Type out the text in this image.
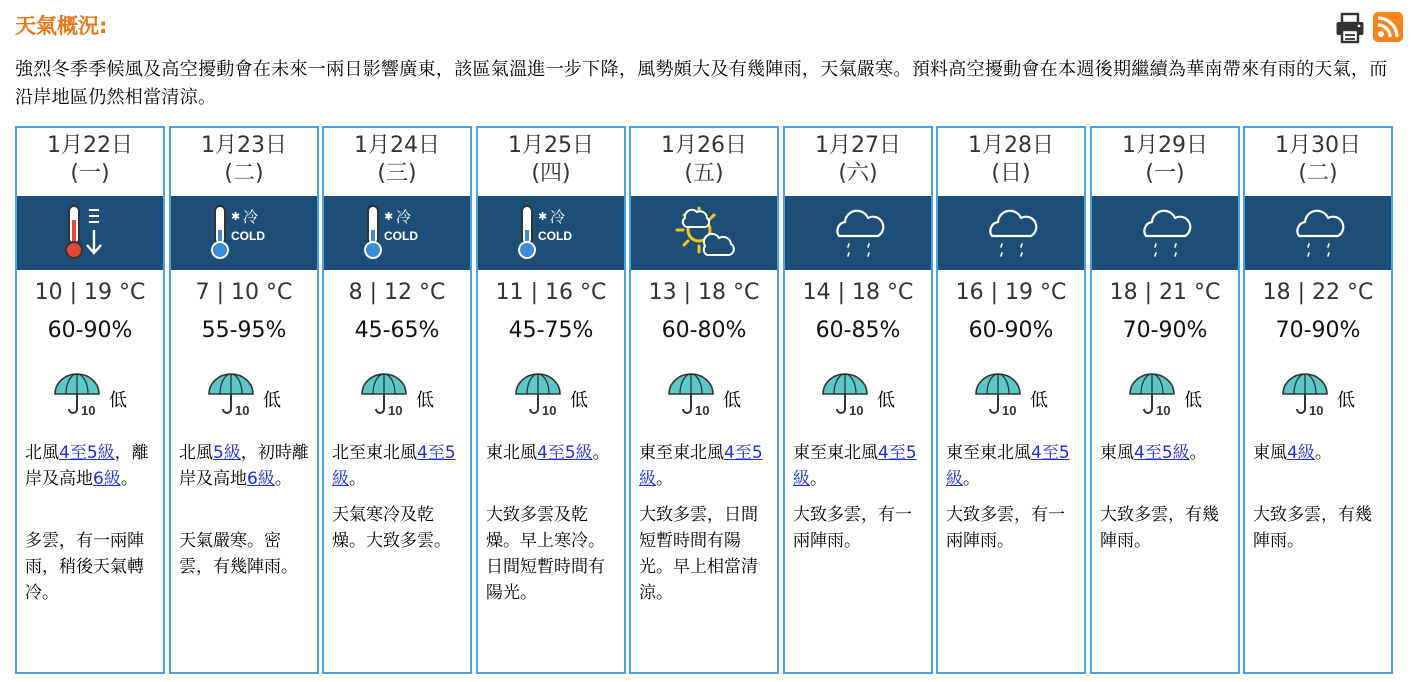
天氣概況:
強烈冬季季候風及高空擾動會在未來一兩日影響廣東，該區氣溫進一步下降，風勢頗大及有幾陣雨，天氣嚴寒。預料高空擾動會在本週後期繼續為華南帶來有雨的天氣，而沿岸地區仍然相當清涼。
1月22日
(一)
10 | 19 °C
60-90%
10 低
北風4至5級，離岸及高地6級。
多雲，有一兩陣雨，稍後天氣轉冷。
1月23日
(二)
✱ 冷
COLD
7 | 10 °C
55-95%
10 低
北風5級，初時離岸及高地6級。
天氣嚴寒。密雲，有幾陣雨。
1月24日
(三)
✱ 冷
COLD
8 | 12 °C
45-65%
10 低
北至東北風4至5級。
天氣寒冷及乾燥。大致多雲。
1月25日
(四)
✱ 冷
COLD
11 | 16 °C
45-75%
10 低
東北風4至5級。
大致多雲及乾燥。早上寒冷。日間短暫時間有陽光。
1月26日
(五)
13 | 18 °C
60-80%
10 低
東至東北風4至5級。
大致多雲，日間短暫時間有陽光。早上相當清涼。
1月27日
(六)
14 | 18 °C
60-85%
10 低
東至東北風4至5級。
大致多雲，有一兩陣雨。
1月28日
(日)
16 | 19 °C
60-90%
10 低
東至東北風4至5級。
大致多雲，有一兩陣雨。
1月29日
(一)
18 | 21 °C
70-90%
10 低
東風4至5級。
大致多雲，有幾陣雨。
1月30日
(二)
18 | 22 °C
70-90%
10 低
東風4級。
大致多雲，有幾陣雨。
